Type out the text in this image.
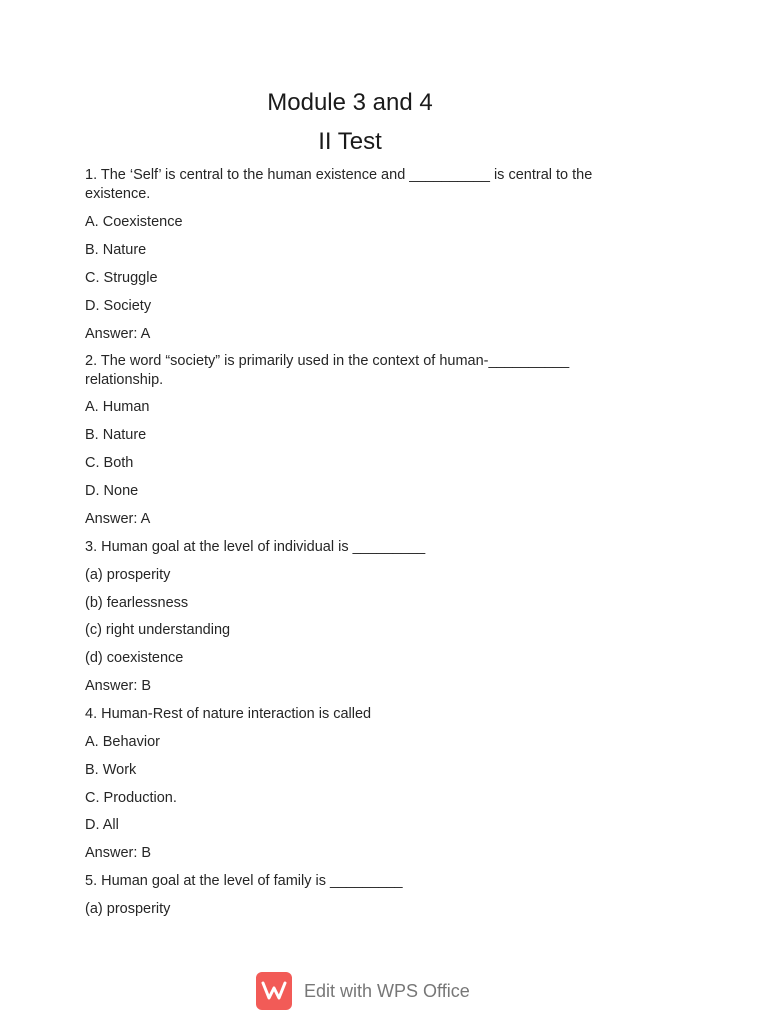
Module 3 and 4
II Test
1. The ‘Self’ is central to the human existence and __________ is central to the existence.
A. Coexistence
B. Nature
C. Struggle
D. Society
Answer: A
2. The word “society” is primarily used in the context of human-__________ relationship.
A. Human
B. Nature
C. Both
D. None
Answer: A
3. Human goal at the level of individual is _________
(a) prosperity
(b) fearlessness
(c) right understanding
(d) coexistence
Answer: B
4. Human-Rest of nature interaction is called
A. Behavior
B. Work
C. Production.
D. All
Answer: B
5. Human goal at the level of family is _________
(a) prosperity
Edit with WPS Office
